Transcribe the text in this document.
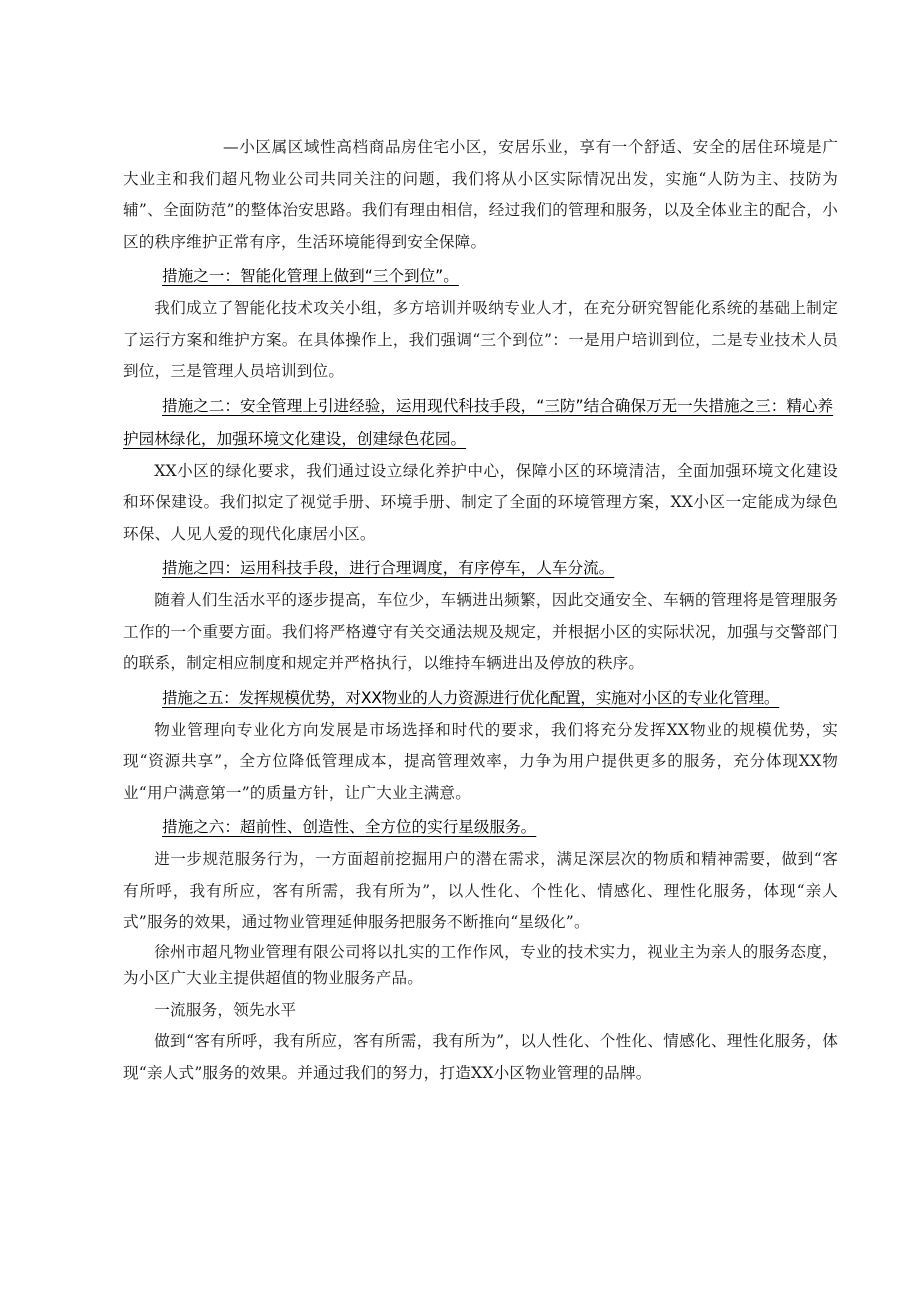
—小区属区域性高档商品房住宅小区，安居乐业，享有一个舒适、安全的居住环境是广大业主和我们超凡物业公司共同关注的问题，我们将从小区实际情况出发，实施“人防为主、技防为辅”、全面防范”的整体治安思路。我们有理由相信，经过我们的管理和服务，以及全体业主的配合，小区的秩序维护正常有序，生活环境能得到安全保障。

措施之一：智能化管理上做到“三个到位”。

我们成立了智能化技术攻关小组，多方培训并吸纳专业人才，在充分研究智能化系统的基础上制定了运行方案和维护方案。在具体操作上，我们强调“三个到位”：一是用户培训到位，二是专业技术人员到位，三是管理人员培训到位。

措施之二：安全管理上引进经验，运用现代科技手段，“三防”结合确保万无一失措施之三：精心养护园林绿化，加强环境文化建设，创建绿色花园。

XX小区的绿化要求，我们通过设立绿化养护中心，保障小区的环境清洁，全面加强环境文化建设和环保建设。我们拟定了视觉手册、环境手册、制定了全面的环境管理方案，XX小区一定能成为绿色环保、人见人爱的现代化康居小区。

措施之四：运用科技手段，进行合理调度，有序停车，人车分流。

随着人们生活水平的逐步提高，车位少，车辆进出频繁，因此交通安全、车辆的管理将是管理服务工作的一个重要方面。我们将严格遵守有关交通法规及规定，并根据小区的实际状况，加强与交警部门的联系，制定相应制度和规定并严格执行，以维持车辆进出及停放的秩序。

措施之五：发挥规模优势，对XX物业的人力资源进行优化配置，实施对小区的专业化管理。

物业管理向专业化方向发展是市场选择和时代的要求，我们将充分发挥XX物业的规模优势，实现“资源共享”，全方位降低管理成本，提高管理效率，力争为用户提供更多的服务，充分体现XX物业“用户满意第一”的质量方针，让广大业主满意。

措施之六：超前性、创造性、全方位的实行星级服务。

进一步规范服务行为，一方面超前挖掘用户的潜在需求，满足深层次的物质和精神需要，做到“客有所呼，我有所应，客有所需，我有所为”，以人性化、个性化、情感化、理性化服务，体现“亲人式”服务的效果，通过物业管理延伸服务把服务不断推向“星级化”。

徐州市超凡物业管理有限公司将以扎实的工作作风，专业的技术实力，视业主为亲人的服务态度，为小区广大业主提供超值的物业服务产品。

一流服务，领先水平

做到“客有所呼，我有所应，客有所需，我有所为”，以人性化、个性化、情感化、理性化服务，体现“亲人式”服务的效果。并通过我们的努力，打造XX小区物业管理的品牌。
